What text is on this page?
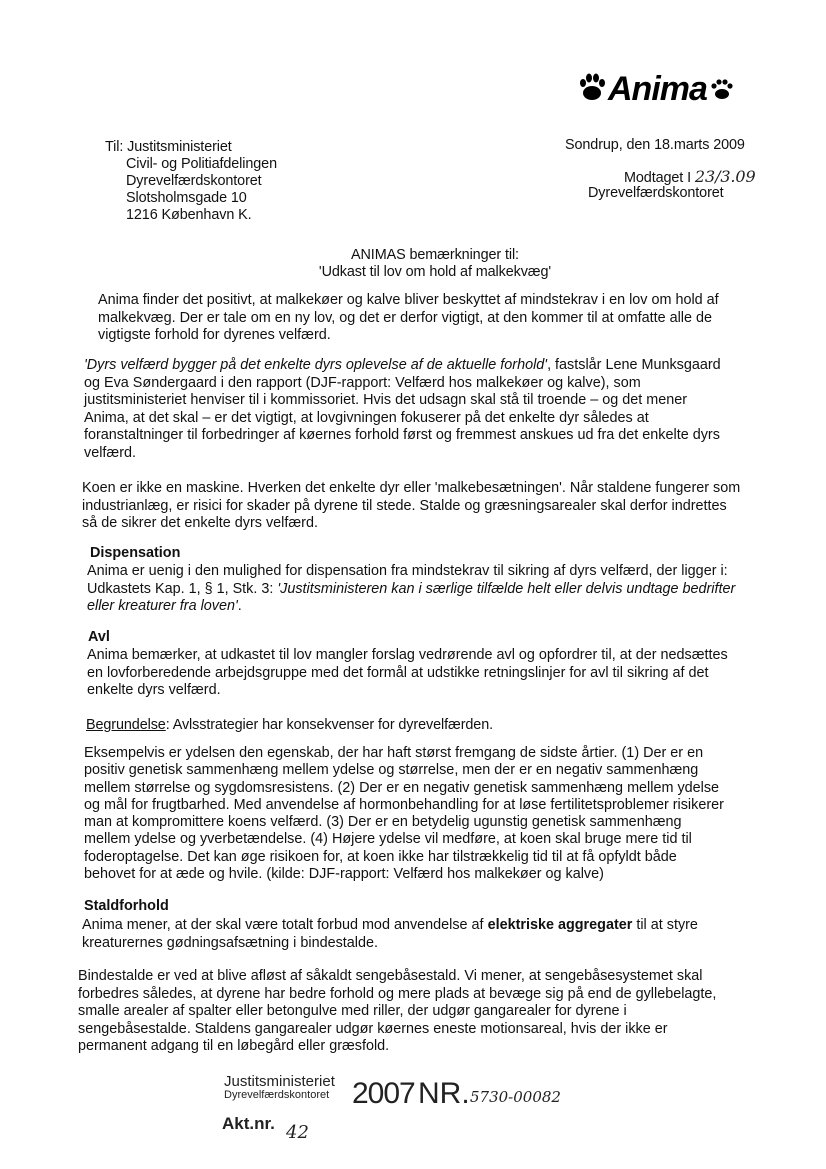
Anima
Til: Justitsministeriet
Civil- og Politiafdelingen
Dyrevelfærdskontoret
Slotsholmsgade 10
1216 København K.
Sondrup, den 18.marts 2009
Modtaget I 23/3.09
Dyrevelfærdskontoret
ANIMAS bemærkninger til:
'Udkast til lov om hold af malkekvæg'
Anima finder det positivt, at malkekøer og kalve bliver beskyttet af mindstekrav i en lov om hold af malkekvæg. Der er tale om en ny lov, og det er derfor vigtigt, at den kommer til at omfatte alle de vigtigste forhold for dyrenes velfærd.
'Dyrs velfærd bygger på det enkelte dyrs oplevelse af de aktuelle forhold', fastslår Lene Munksgaard og Eva Søndergaard i den rapport (DJF-rapport: Velfærd hos malkekøer og kalve), som justitsministeriet henviser til i kommissoriet. Hvis det udsagn skal stå til troende – og det mener Anima, at det skal – er det vigtigt, at lovgivningen fokuserer på det enkelte dyr således at foranstaltninger til forbedringer af køernes forhold først og fremmest anskues ud fra det enkelte dyrs velfærd.
Koen er ikke en maskine. Hverken det enkelte dyr eller 'malkebesætningen'. Når staldene fungerer som industrianlæg, er risici for skader på dyrene til stede. Stalde og græsningsarealer skal derfor indrettes så de sikrer det enkelte dyrs velfærd.
Dispensation
Anima er uenig i den mulighed for dispensation fra mindstekrav til sikring af dyrs velfærd, der ligger i: Udkastets Kap. 1, § 1, Stk. 3: 'Justitsministeren kan i særlige tilfælde helt eller delvis undtage bedrifter eller kreaturer fra loven'.
Avl
Anima bemærker, at udkastet til lov mangler forslag vedrørende avl og opfordrer til, at der nedsættes en lovforberedende arbejdsgruppe med det formål at udstikke retningslinjer for avl til sikring af det enkelte dyrs velfærd.
Begrundelse: Avlsstrategier har konsekvenser for dyrevelfærden.
Eksempelvis er ydelsen den egenskab, der har haft størst fremgang de sidste årtier. (1) Der er en positiv genetisk sammenhæng mellem ydelse og størrelse, men der er en negativ sammenhæng mellem størrelse og sygdomsresistens. (2) Der er en negativ genetisk sammenhæng mellem ydelse og mål for frugtbarhed. Med anvendelse af hormonbehandling for at løse fertilitetsproblemer risikerer man at kompromittere koens velfærd. (3) Der er en betydelig ugunstig genetisk sammenhæng mellem ydelse og yverbetændelse. (4) Højere ydelse vil medføre, at koen skal bruge mere tid til foderoptagelse. Det kan øge risikoen for, at koen ikke har tilstrækkelig tid til at få opfyldt både behovet for at æde og hvile. (kilde: DJF-rapport: Velfærd hos malkekøer og kalve)
Staldforhold
Anima mener, at der skal være totalt forbud mod anvendelse af elektriske aggregater til at styre kreaturernes gødningsafsætning i bindestalde.
Bindestalde er ved at blive afløst af såkaldt sengebåsestald. Vi mener, at sengebåsesystemet skal forbedres således, at dyrene har bedre forhold og mere plads at bevæge sig på end de gyllebelagte, smalle arealer af spalter eller betongulve med riller, der udgør gangarealer for dyrene i sengebåsestalde. Staldens gangarealer udgør køernes eneste motionsareal, hvis der ikke er permanent adgang til en løbegård eller græsfold.
Justitsministeriet
Dyrevelfærdskontoret 2007 NR. 5730-00082
Akt.nr. 42
